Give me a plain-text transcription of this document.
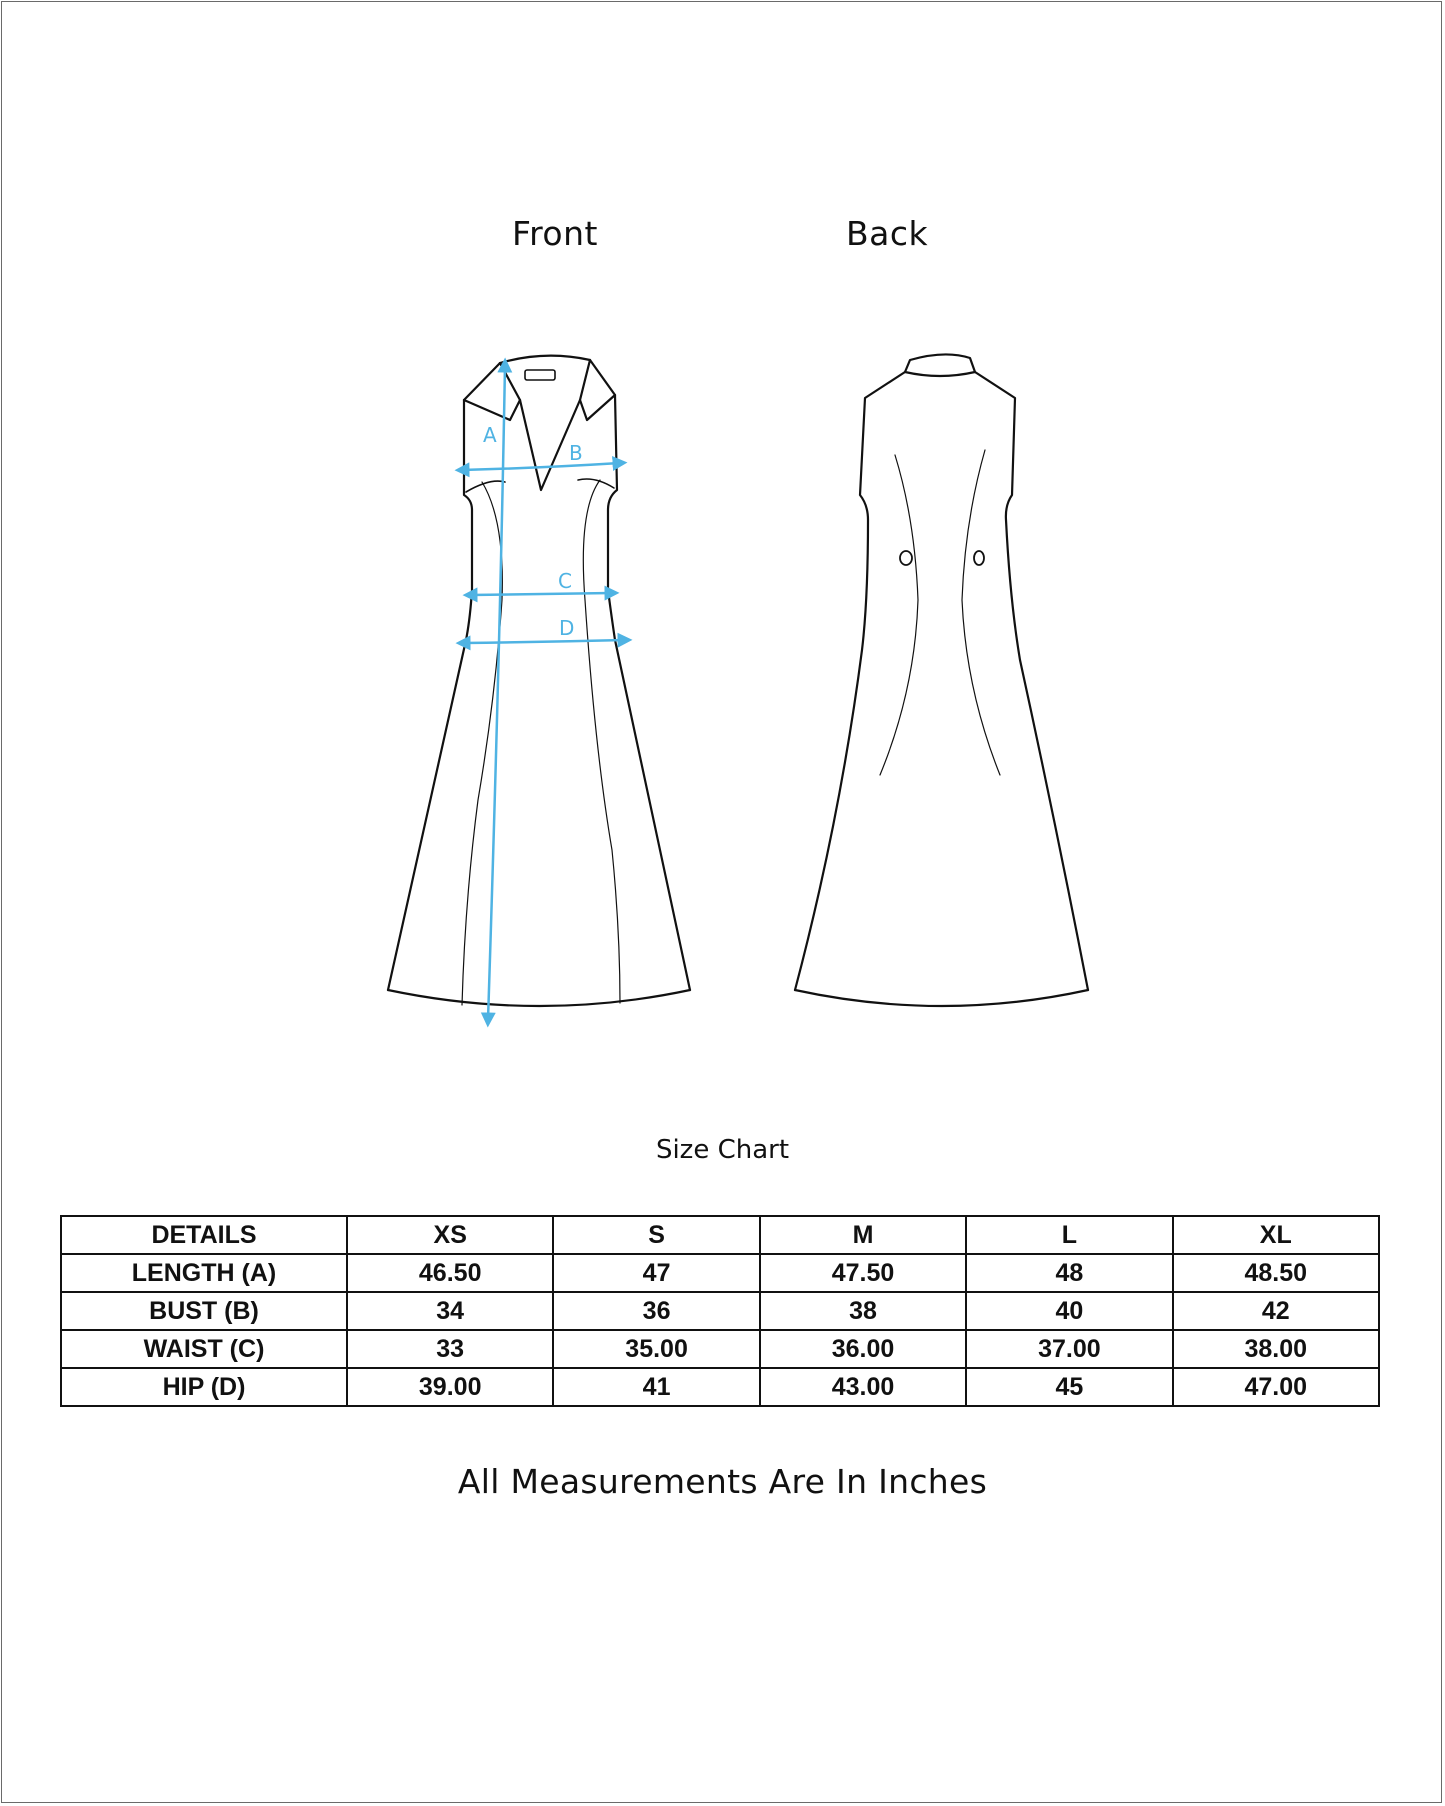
Front	Back
A
B
C
D
Size Chart
DETAILS	XS	S	M	L	XL
LENGTH (A)	46.50	47	47.50	48	48.50
BUST (B)	34	36	38	40	42
WAIST (C)	33	35.00	36.00	37.00	38.00
HIP (D)	39.00	41	43.00	45	47.00
All Measurements Are In Inches
